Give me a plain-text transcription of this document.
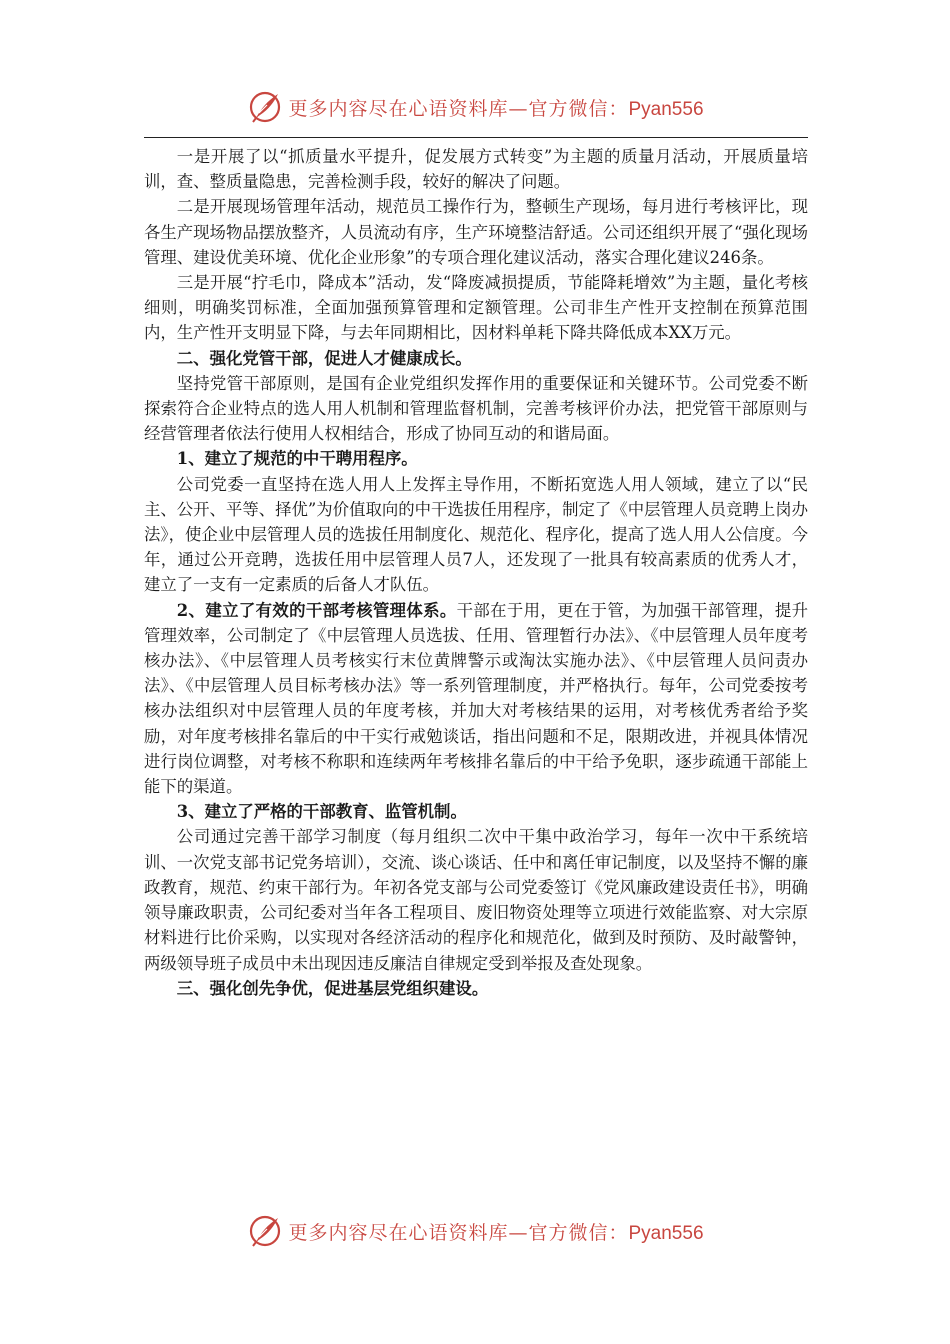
更多内容尽在心语资料库—官方微信：Pyan556

一是开展了以“抓质量水平提升，促发展方式转变”为主题的质量月活动，开展质量培训，查、整质量隐患，完善检测手段，较好的解决了问题。

二是开展现场管理年活动，规范员工操作行为，整顿生产现场，每月进行考核评比，现各生产现场物品摆放整齐，人员流动有序，生产环境整洁舒适。公司还组织开展了“强化现场管理、建设优美环境、优化企业形象”的专项合理化建议活动，落实合理化建议246条。

三是开展“拧毛巾，降成本”活动，发“降废减损提质，节能降耗增效”为主题，量化考核细则，明确奖罚标准，全面加强预算管理和定额管理。公司非生产性开支控制在预算范围内，生产性开支明显下降，与去年同期相比，因材料单耗下降共降低成本XX万元。

二、强化党管干部，促进人才健康成长。

坚持党管干部原则，是国有企业党组织发挥作用的重要保证和关键环节。公司党委不断探索符合企业特点的选人用人机制和管理监督机制，完善考核评价办法，把党管干部原则与经营管理者依法行使用人权相结合，形成了协同互动的和谐局面。

1、建立了规范的中干聘用程序。

公司党委一直坚持在选人用人上发挥主导作用，不断拓宽选人用人领域，建立了以“民主、公开、平等、择优”为价值取向的中干选拔任用程序，制定了《中层管理人员竞聘上岗办法》，使企业中层管理人员的选拔任用制度化、规范化、程序化，提高了选人用人公信度。今年，通过公开竞聘，选拔任用中层管理人员7人，还发现了一批具有较高素质的优秀人才，建立了一支有一定素质的后备人才队伍。

2、建立了有效的干部考核管理体系。干部在于用，更在于管，为加强干部管理，提升管理效率，公司制定了《中层管理人员选拔、任用、管理暂行办法》、《中层管理人员年度考核办法》、《中层管理人员考核实行末位黄牌警示或淘汰实施办法》、《中层管理人员问责办法》、《中层管理人员目标考核办法》等一系列管理制度，并严格执行。每年，公司党委按考核办法组织对中层管理人员的年度考核，并加大对考核结果的运用，对考核优秀者给予奖励，对年度考核排名靠后的中干实行戒勉谈话，指出问题和不足，限期改进，并视具体情况进行岗位调整，对考核不称职和连续两年考核排名靠后的中干给予免职，逐步疏通干部能上能下的渠道。

3、建立了严格的干部教育、监管机制。

公司通过完善干部学习制度（每月组织二次中干集中政治学习，每年一次中干系统培训、一次党支部书记党务培训），交流、谈心谈话、任中和离任审记制度，以及坚持不懈的廉政教育，规范、约束干部行为。年初各党支部与公司党委签订《党风廉政建设责任书》，明确领导廉政职责，公司纪委对当年各工程项目、废旧物资处理等立项进行效能监察、对大宗原材料进行比价采购，以实现对各经济活动的程序化和规范化，做到及时预防、及时敲警钟，两级领导班子成员中未出现因违反廉洁自律规定受到举报及查处现象。

三、强化创先争优，促进基层党组织建设。

更多内容尽在心语资料库—官方微信：Pyan556
